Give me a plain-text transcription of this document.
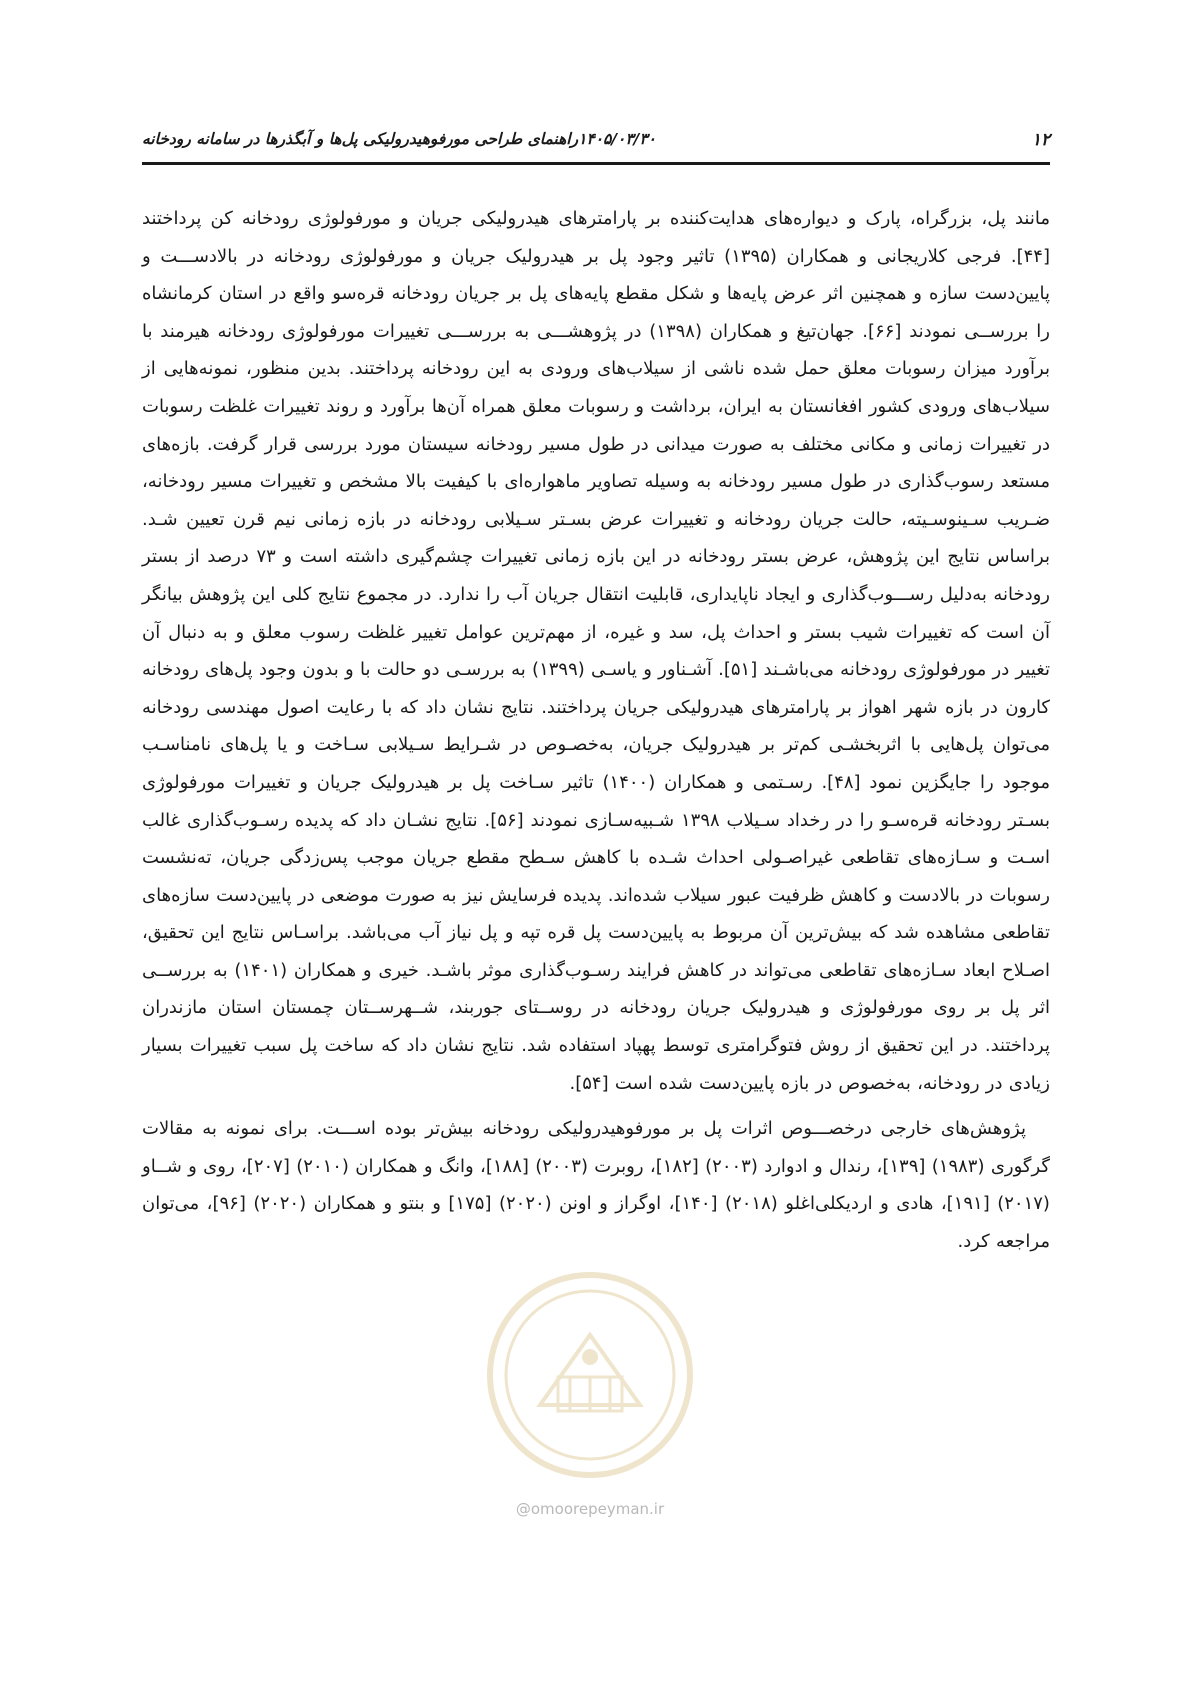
۱۲
۱۴۰۵/۰۳/۳۰راهنمای طراحی مورفوهیدرولیکی پل‌ها و آبگذرها در سامانه رودخانه

مانند پل، بزرگراه، پارک و دیواره‌های هدایت‌کننده بر پارامترهای هیدرولیکی جریان و مورفولوژی رودخانه کن پرداختند [۴۴]. فرجی کلاریجانی و همکاران (۱۳۹۵) تاثیر وجود پل بر هیدرولیک جریان و مورفولوژی رودخانه در بالادســـت و پایین‌دست سازه و همچنین اثر عرض پایه‌ها و شکل مقطع پایه‌های پل بر جریان رودخانه قره‌سو واقع در استان کرمانشاه را بررســی نمودند [۶۶]. جهان‌تیغ و همکاران (۱۳۹۸) در پژوهشـــی به بررســـی تغییرات مورفولوژی رودخانه هیرمند با برآورد میزان رسوبات معلق حمل شده ناشی از سیلاب‌های ورودی به این رودخانه پرداختند. بدین منظور، نمونه‌هایی از سیلاب‌های ورودی کشور افغانستان به ایران، برداشت و رسوبات معلق همراه آن‌ها برآورد و روند تغییرات غلظت رسوبات در تغییرات زمانی و مکانی مختلف به صورت میدانی در طول مسیر رودخانه سیستان مورد بررسی قرار گرفت. بازه‌های مستعد رسوب‌گذاری در طول مسیر رودخانه به وسیله تصاویر ماهواره‌ای با کیفیت بالا مشخص و تغییرات مسیر رودخانه، ضـریب سـینوسـیته، حالت جریان رودخانه و تغییرات عرض بسـتر سـیلابی رودخانه در بازه زمانی نیم قرن تعیین شـد. براساس نتایج این پژوهش، عرض بستر رودخانه در این بازه زمانی تغییرات چشم‌گیری داشته است و ۷۳ درصد از بستر رودخانه به‌دلیل رســـوب‌گذاری و ایجاد ناپایداری، قابلیت انتقال جریان آب را ندارد. در مجموع نتایج کلی این پژوهش بیانگر آن است که تغییرات شیب بستر و احداث پل، سد و غیره، از مهم‌ترین عوامل تغییر غلظت رسوب معلق و به دنبال آن تغییر در مورفولوژی رودخانه می‌باشـند [۵۱]. آشـناور و یاسـی (۱۳۹۹) به بررسـی دو حالت با و بدون وجود پل‌های رودخانه کارون در بازه شهر اهواز بر پارامترهای هیدرولیکی جریان پرداختند. نتایج نشان داد که با رعایت اصول مهندسی رودخانه می‌توان پل‌هایی با اثربخشـی کم‌تر بر هیدرولیک جریان، به‌خصـوص در شـرایط سـیلابی سـاخت و یا پل‌های نامناسـب موجود را جایگزین نمود [۴۸]. رسـتمی و همکاران (۱۴۰۰) تاثیر سـاخت پل بر هیدرولیک جریان و تغییرات مورفولوژی بسـتر رودخانه قره‌سـو را در رخداد سـیلاب ۱۳۹۸ شـبیه‌سـازی نمودند [۵۶]. نتایج نشـان داد که پدیده رسـوب‌گذاری غالب اسـت و سـازه‌های تقاطعی غیراصـولی احداث شـده با کاهش سـطح مقطع جریان موجب پس‌زدگی جریان، ته‌نشست رسوبات در بالادست و کاهش ظرفیت عبور سیلاب شده‌اند. پدیده فرسایش نیز به صورت موضعی در پایین‌دست سازه‌های تقاطعی مشاهده شد که بیش‌ترین آن مربوط به پایین‌دست پل قره تپه و پل نیاز آب می‌باشد. براسـاس نتایج این تحقیق، اصـلاح ابعاد سـازه‌های تقاطعی می‌تواند در کاهش فرایند رسـوب‌گذاری موثر باشـد. خیری و همکاران (۱۴۰۱) به بررســی اثر پل بر روی مورفولوژی و هیدرولیک جریان رودخانه در روســتای جوربند، شــهرســتان چمستان استان مازندران پرداختند. در این تحقیق از روش فتوگرامتری توسط پهپاد استفاده شد. نتایج نشان داد که ساخت پل سبب تغییرات بسیار زیادی در رودخانه، به‌خصوص در بازه پایین‌دست شده است [۵۴].

پژوهش‌های خارجی درخصـــوص اثرات پل بر مورفوهیدرولیکی رودخانه بیش‌تر بوده اســـت. برای نمونه به مقالات گرگوری (۱۹۸۳) [۱۳۹]، رندال و ادوارد (۲۰۰۳) [۱۸۲]، روبرت (۲۰۰۳) [۱۸۸]، وانگ و همکاران (۲۰۱۰) [۲۰۷]، روی و شــاو (۲۰۱۷) [۱۹۱]، هادی و اردیکلی‌اغلو (۲۰۱۸) [۱۴۰]، اوگراز و اونن (۲۰۲۰) [۱۷۵] و بنتو و همکاران (۲۰۲۰) [۹۶]، می‌توان مراجعه کرد.

@omoorepeyman.ir
